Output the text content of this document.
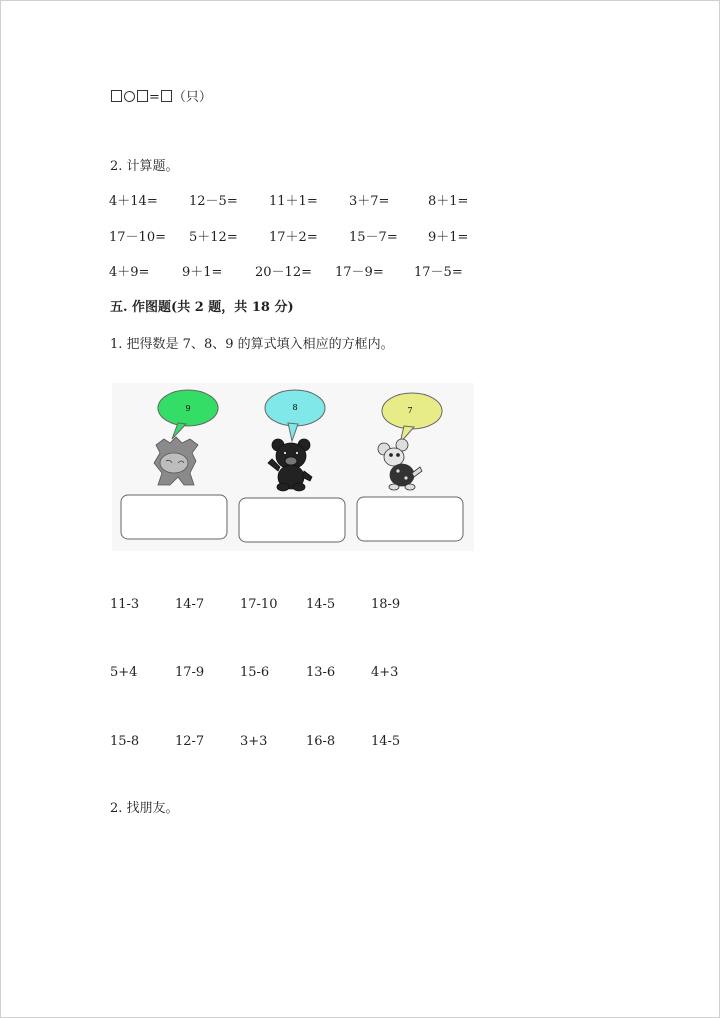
= （只）
2. 计算题。
4＋14= 12－5= 11＋1= 3＋7=	8＋1=
17－10= 5＋12= 17＋2= 15－7= 9＋1=
4＋9=	9＋1=	20－12= 17－9= 17－5=
五. 作图题(共 2 题，共 18 分)
1. 把得数是 7、8、9 的算式填入相应的方框内。
9	8	7
11-3	14-7	17-10 14-5	18-9
5+4	17-9	15-6	13-6	4+3
15-8	12-7	3+3	16-8	14-5
2. 找朋友。
